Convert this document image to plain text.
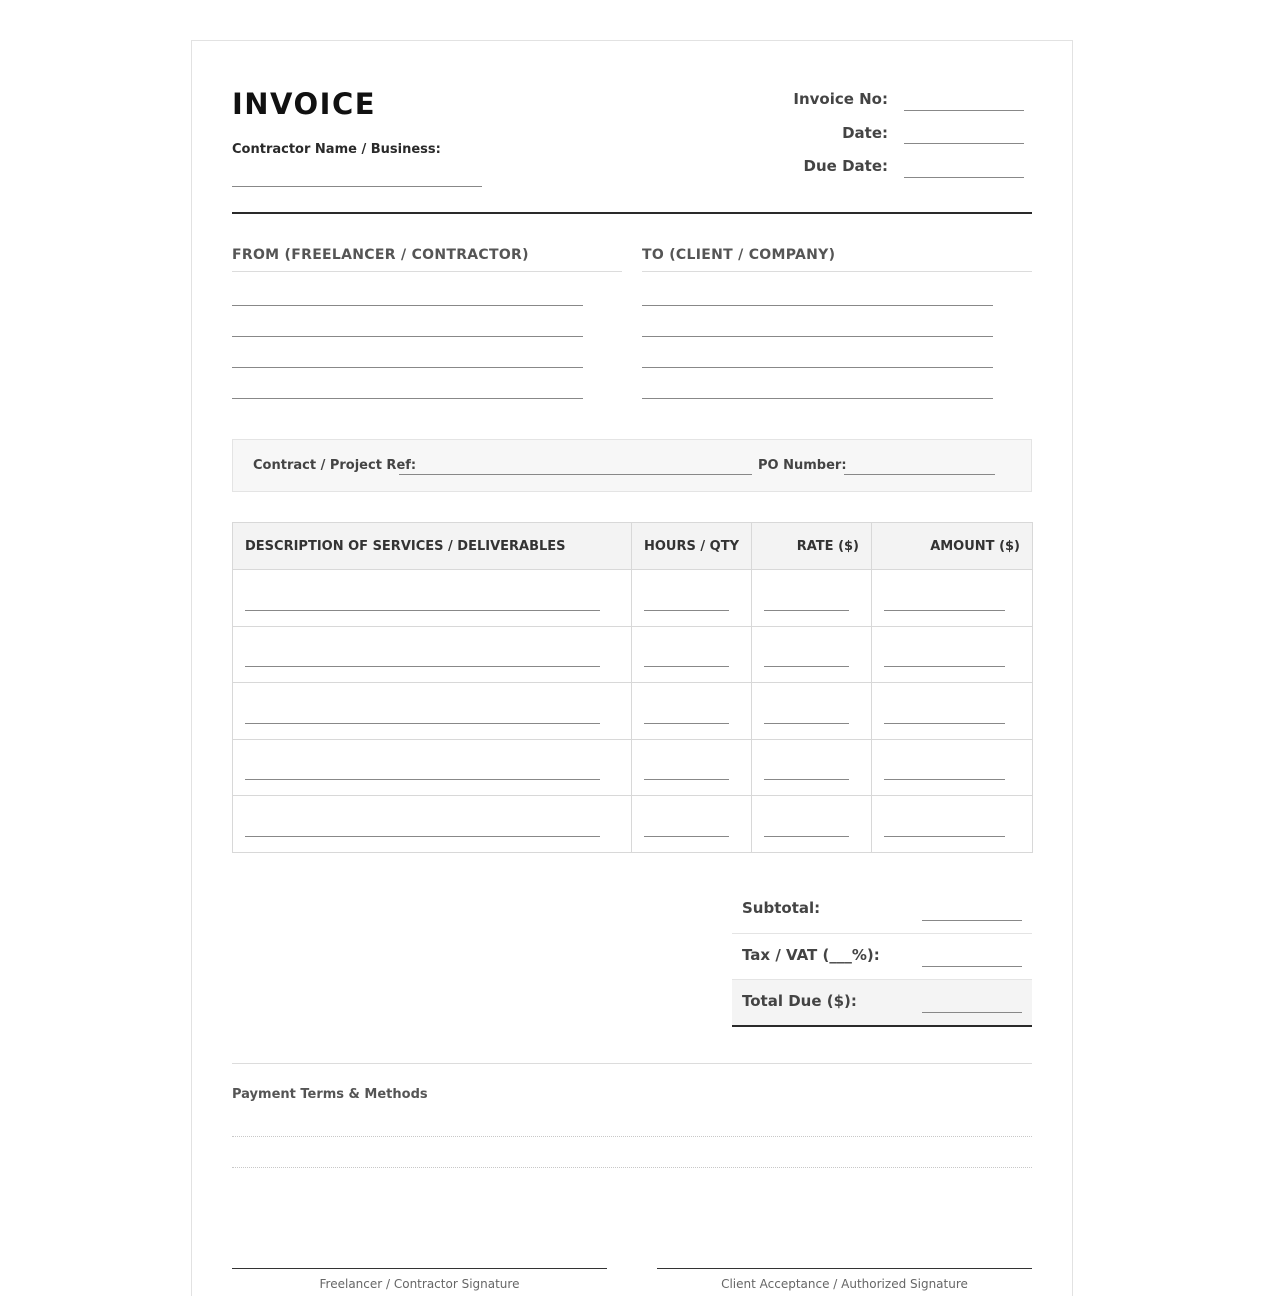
INVOICE
Contractor Name / Business:
Invoice No:
Date:
Due Date:
FROM (FREELANCER / CONTRACTOR)	TO (CLIENT / COMPANY)
Contract / Project Ref:	PO Number:
DESCRIPTION OF SERVICES / DELIVERABLES	HOURS / QTY	RATE ($)	AMOUNT ($)

Subtotal:
Tax / VAT (___%):
Total Due ($):
Payment Terms & Methods
Freelancer / Contractor Signature	Client Acceptance / Authorized Signature
